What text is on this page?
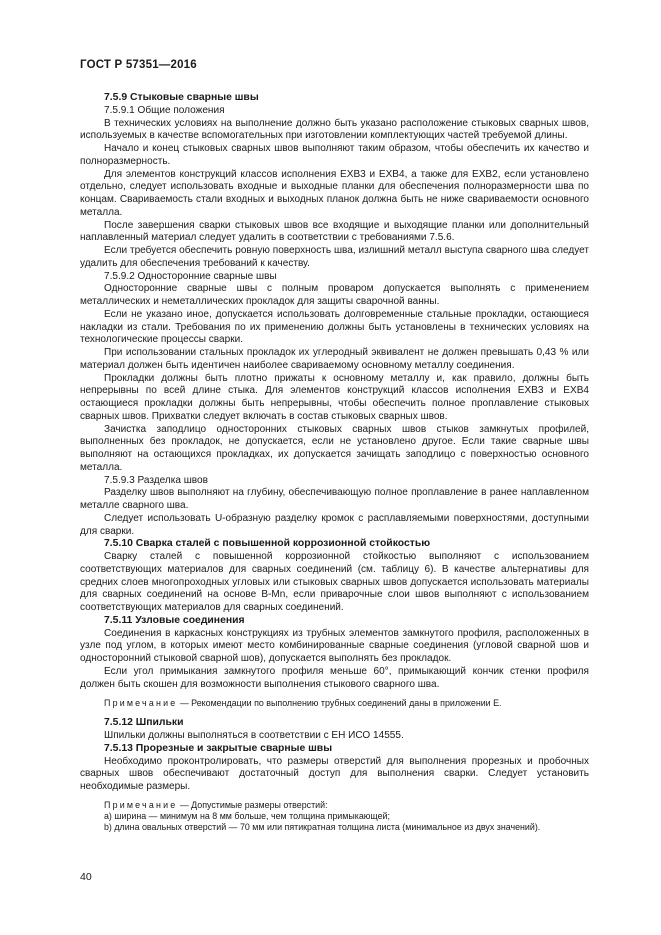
ГОСТ Р 57351—2016
7.5.9 Стыковые сварные швы
7.5.9.1 Общие положения

В технических условиях на выполнение должно быть указано расположение стыковых сварных швов, используемых в качестве вспомогательных при изготовлении комплектующих частей требуемой длины.

Начало и конец стыковых сварных швов выполняют таким образом, чтобы обеспечить их качество и полноразмерность.

Для элементов конструкций классов исполнения EXB3 и EXB4, а также для EXB2, если установлено отдельно, следует использовать входные и выходные планки для обеспечения полноразмерности шва по концам. Свариваемость стали входных и выходных планок должна быть не ниже свариваемости основного металла.

После завершения сварки стыковых швов все входящие и выходящие планки или дополнительный наплавленный материал следует удалить в соответствии с требованиями 7.5.6.

Если требуется обеспечить ровную поверхность шва, излишний металл выступа сварного шва следует удалить для обеспечения требований к качеству.

7.5.9.2 Односторонние сварные швы

Односторонние сварные швы с полным проваром допускается выполнять с применением металлических и неметаллических прокладок для защиты сварочной ванны.

Если не указано иное, допускается использовать долговременные стальные прокладки, остающиеся накладки из стали. Требования по их применению должны быть установлены в технических условиях на технологические процессы сварки.

При использовании стальных прокладок их углеродный эквивалент не должен превышать 0,43 % или материал должен быть идентичен наиболее свариваемому основному металлу соединения.

Прокладки должны быть плотно прижаты к основному металлу и, как правило, должны быть непрерывны по всей длине стыка. Для элементов конструкций классов исполнения EXB3 и EXB4 остающиеся прокладки должны быть непрерывны, чтобы обеспечить полное проплавление стыковых сварных швов. Прихватки следует включать в состав стыковых сварных швов.

Зачистка заподлицо односторонних стыковых сварных швов стыков замкнутых профилей, выполненных без прокладок, не допускается, если не установлено другое. Если такие сварные швы выполняют на остающихся прокладках, их допускается зачищать заподлицо с поверхностью основного металла.

7.5.9.3 Разделка швов

Разделку швов выполняют на глубину, обеспечивающую полное проплавление в ранее наплавленном металле сварного шва.

Следует использовать U-образную разделку кромок с расплавляемыми поверхностями, доступными для сварки.

7.5.10 Сварка сталей с повышенной коррозионной стойкостью

Сварку сталей с повышенной коррозионной стойкостью выполняют с использованием соответствующих материалов для сварных соединений (см. таблицу 6). В качестве альтернативы для средних слоев многопроходных угловых или стыковых сварных швов допускается использовать материалы для сварных соединений на основе B-Mn, если приварочные слои швов выполняют с использованием соответствующих материалов для сварных соединений.

7.5.11 Узловые соединения

Соединения в каркасных конструкциях из трубных элементов замкнутого профиля, расположенных в узле под углом, в которых имеют место комбинированные сварные соединения (угловой сварной шов и односторонний стыковой сварной шов), допускается выполнять без прокладок.

Если угол примыкания замкнутого профиля меньше 60°, примыкающий кончик стенки профиля должен быть скошен для возможности выполнения стыкового сварного шва.

Примечание — Рекомендации по выполнению трубных соединений даны в приложении Е.

7.5.12 Шпильки

Шпильки должны выполняться в соответствии с ЕН ИСО 14555.

7.5.13 Прорезные и закрытые сварные швы

Необходимо проконтролировать, что размеры отверстий для выполнения прорезных и пробочных сварных швов обеспечивают достаточный доступ для выполнения сварки. Следует установить необходимые размеры.

Примечание — Допустимые размеры отверстий:

a) ширина — минимум на 8 мм больше, чем толщина примыкающей;
b) длина овальных отверстий — 70 мм или пятикратная толщина листа (минимальное из двух значений).
40
